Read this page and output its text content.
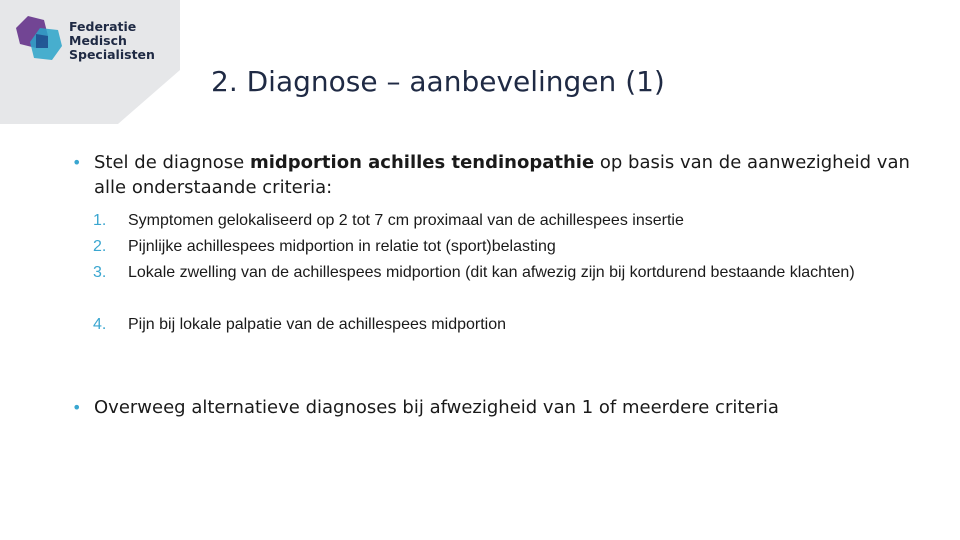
Federatie
Medisch
Specialisten
2. Diagnose – aanbevelingen (1)
• Stel de diagnose midportion achilles tendinopathie op basis van de aanwezigheid van alle onderstaande criteria:
1. Symptomen gelokaliseerd op 2 tot 7 cm proximaal van de achillespees insertie
2. Pijnlijke achillespees midportion in relatie tot (sport)belasting
3. Lokale zwelling van de achillespees midportion (dit kan afwezig zijn bij kortdurend bestaande klachten)
4. Pijn bij lokale palpatie van de achillespees midportion
• Overweeg alternatieve diagnoses bij afwezigheid van 1 of meerdere criteria
